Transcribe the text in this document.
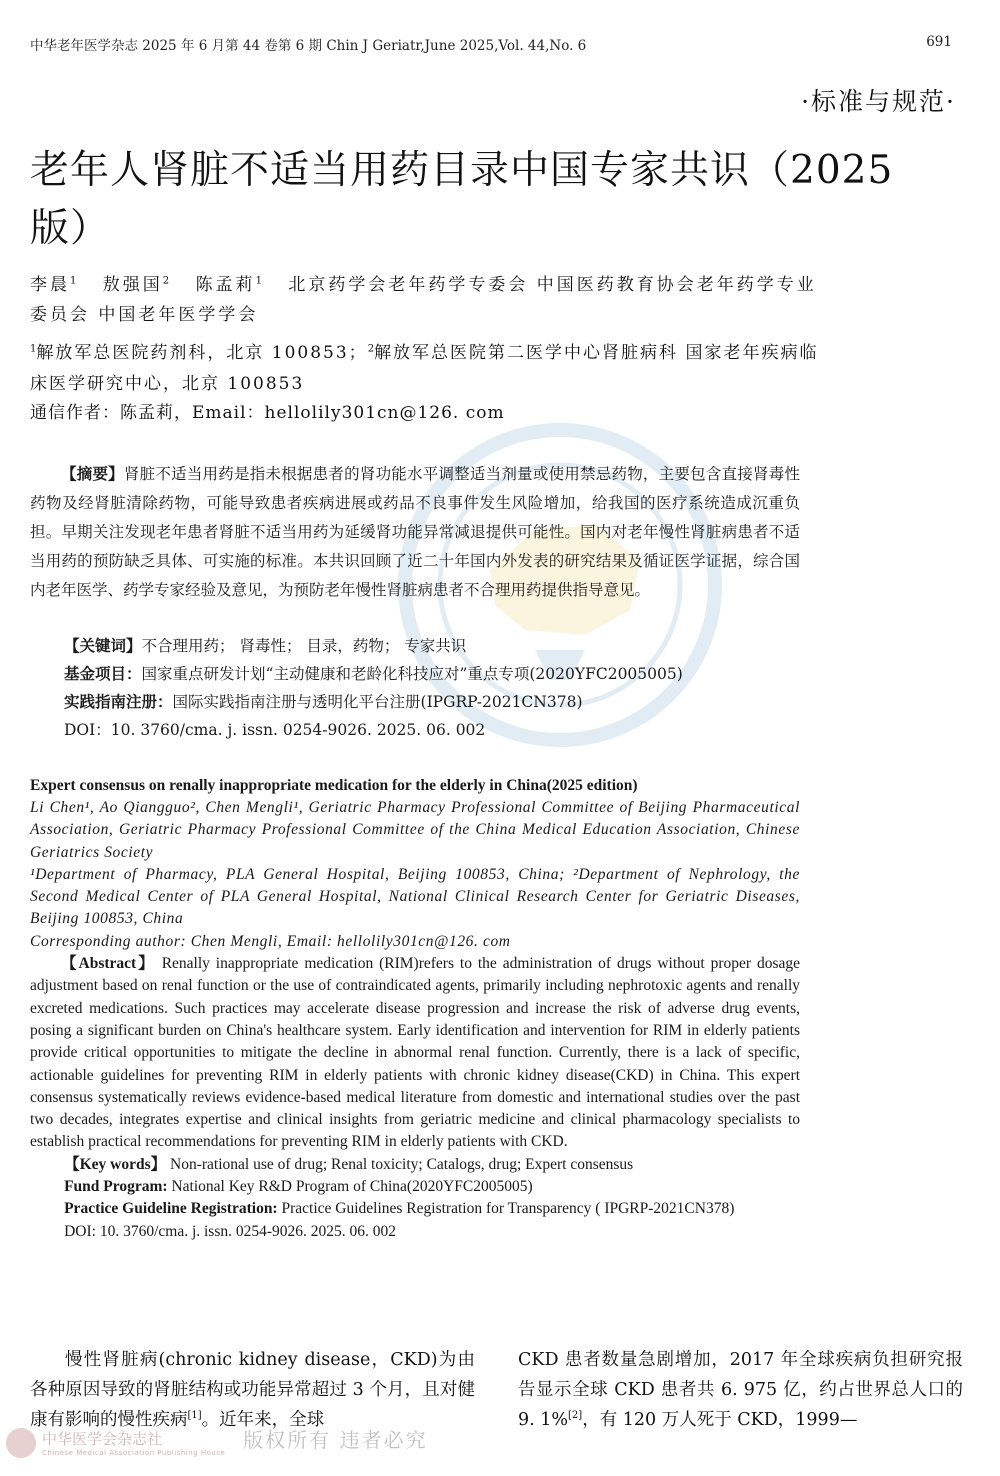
中华老年医学杂志 2025 年 6 月第 44 卷第 6 期 Chin J Geriatr,June 2025,Vol. 44,No. 6	691
·标准与规范·
老年人肾脏不适当用药目录中国专家共识（2025 版）
李晨$^1$ 敖强国$^2$ 陈孟莉$^1$ 北京药学会老年药学专委会 中国医药教育协会老年药学专业委员会 中国老年医学学会
$^1$解放军总医院药剂科，北京 100853；$^2$解放军总医院第二医学中心肾脏病科 国家老年疾病临床医学研究中心，北京 100853
通信作者：陈孟莉，Email：hellolily301cn@126. com
【摘要】肾脏不适当用药是指未根据患者的肾功能水平调整适当剂量或使用禁忌药物，主要包含直接肾毒性药物及经肾脏清除药物，可能导致患者疾病进展或药品不良事件发生风险增加，给我国的医疗系统造成沉重负担。早期关注发现老年患者肾脏不适当用药为延缓肾功能异常减退提供可能性。国内对老年慢性肾脏病患者不适当用药的预防缺乏具体、可实施的标准。本共识回顾了近二十年国内外发表的研究结果及循证医学证据，综合国内老年医学、药学专家经验及意见，为预防老年慢性肾脏病患者不合理用药提供指导意见。
【关键词】不合理用药； 肾毒性； 目录，药物； 专家共识
基金项目：国家重点研发计划“主动健康和老龄化科技应对”重点专项(2020YFC2005005)
实践指南注册：国际实践指南注册与透明化平台注册(IPGRP-2021CN378)
DOI：10. 3760/cma. j. issn. 0254-9026. 2025. 06. 002
Expert consensus on renally inappropriate medication for the elderly in China(2025 edition)
Li Chen¹, Ao Qiangguo², Chen Mengli¹, Geriatric Pharmacy Professional Committee of Beijing Pharmaceutical Association, Geriatric Pharmacy Professional Committee of the China Medical Education Association, Chinese Geriatrics Society
¹Department of Pharmacy, PLA General Hospital, Beijing 100853, China; ²Department of Nephrology, the Second Medical Center of PLA General Hospital, National Clinical Research Center for Geriatric Diseases, Beijing 100853, China
Corresponding author: Chen Mengli, Email: hellolily301cn@126. com
【Abstract】 Renally inappropriate medication (RIM)refers to the administration of drugs without proper dosage adjustment based on renal function or the use of contraindicated agents, primarily including nephrotoxic agents and renally excreted medications. Such practices may accelerate disease progression and increase the risk of adverse drug events, posing a significant burden on China's healthcare system. Early identification and intervention for RIM in elderly patients provide critical opportunities to mitigate the decline in abnormal renal function. Currently, there is a lack of specific, actionable guidelines for preventing RIM in elderly patients with chronic kidney disease(CKD) in China. This expert consensus systematically reviews evidence-based medical literature from domestic and international studies over the past two decades, integrates expertise and clinical insights from geriatric medicine and clinical pharmacology specialists to establish practical recommendations for preventing RIM in elderly patients with CKD.
【Key words】 Non-rational use of drug; Renal toxicity; Catalogs, drug; Expert consensus
Fund Program: National Key R&D Program of China(2020YFC2005005)
Practice Guideline Registration: Practice Guidelines Registration for Transparency ( IPGRP-2021CN378)
DOI: 10. 3760/cma. j. issn. 0254-9026. 2025. 06. 002
慢性肾脏病(chronic kidney disease，CKD)为由各种原因导致的肾脏结构或功能异常超过 3 个月，且对健康有影响的慢性疾病[1]。近年来，全球
CKD 患者数量急剧增加，2017 年全球疾病负担研究报告显示全球 CKD 患者共 6. 975 亿，约占世界总人口的 9. 1%[2]，有 120 万人死于 CKD，1999—
中华医学会杂志社
Chinese Medical Association Publishing House
版权所有 违者必究
